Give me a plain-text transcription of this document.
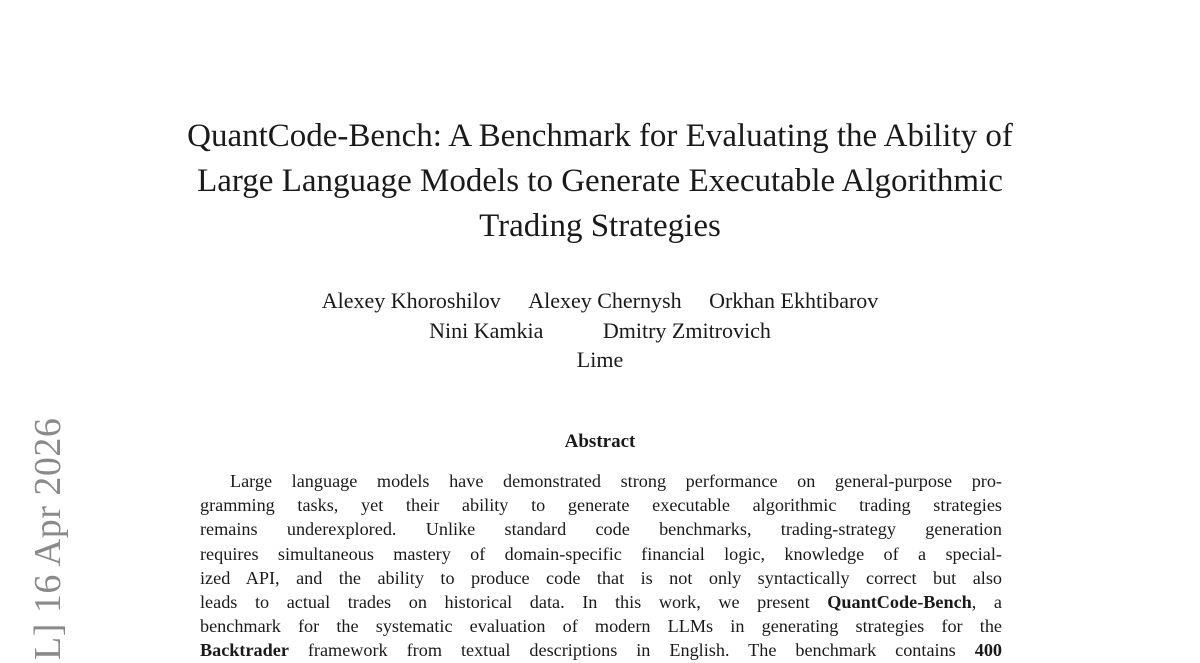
L] 16 Apr 2026
QuantCode-Bench: A Benchmark for Evaluating the Ability of
Large Language Models to Generate Executable Algorithmic
Trading Strategies
Alexey Khoroshilov Alexey Chernysh Orkhan Ekhtibarov
Nini Kamkia	Dmitry Zmitrovich
Lime
Abstract
Large language models have demonstrated strong performance on general-purpose pro-
gramming tasks, yet their ability to generate executable algorithmic trading strategies
remains underexplored. Unlike standard code benchmarks, trading-strategy generation
requires simultaneous mastery of domain-specific financial logic, knowledge of a special-
ized API, and the ability to produce code that is not only syntactically correct but also
leads to actual trades on historical data. In this work, we present QuantCode-Bench, a
benchmark for the systematic evaluation of modern LLMs in generating strategies for the
Backtrader framework from textual descriptions in English. The benchmark contains 400
